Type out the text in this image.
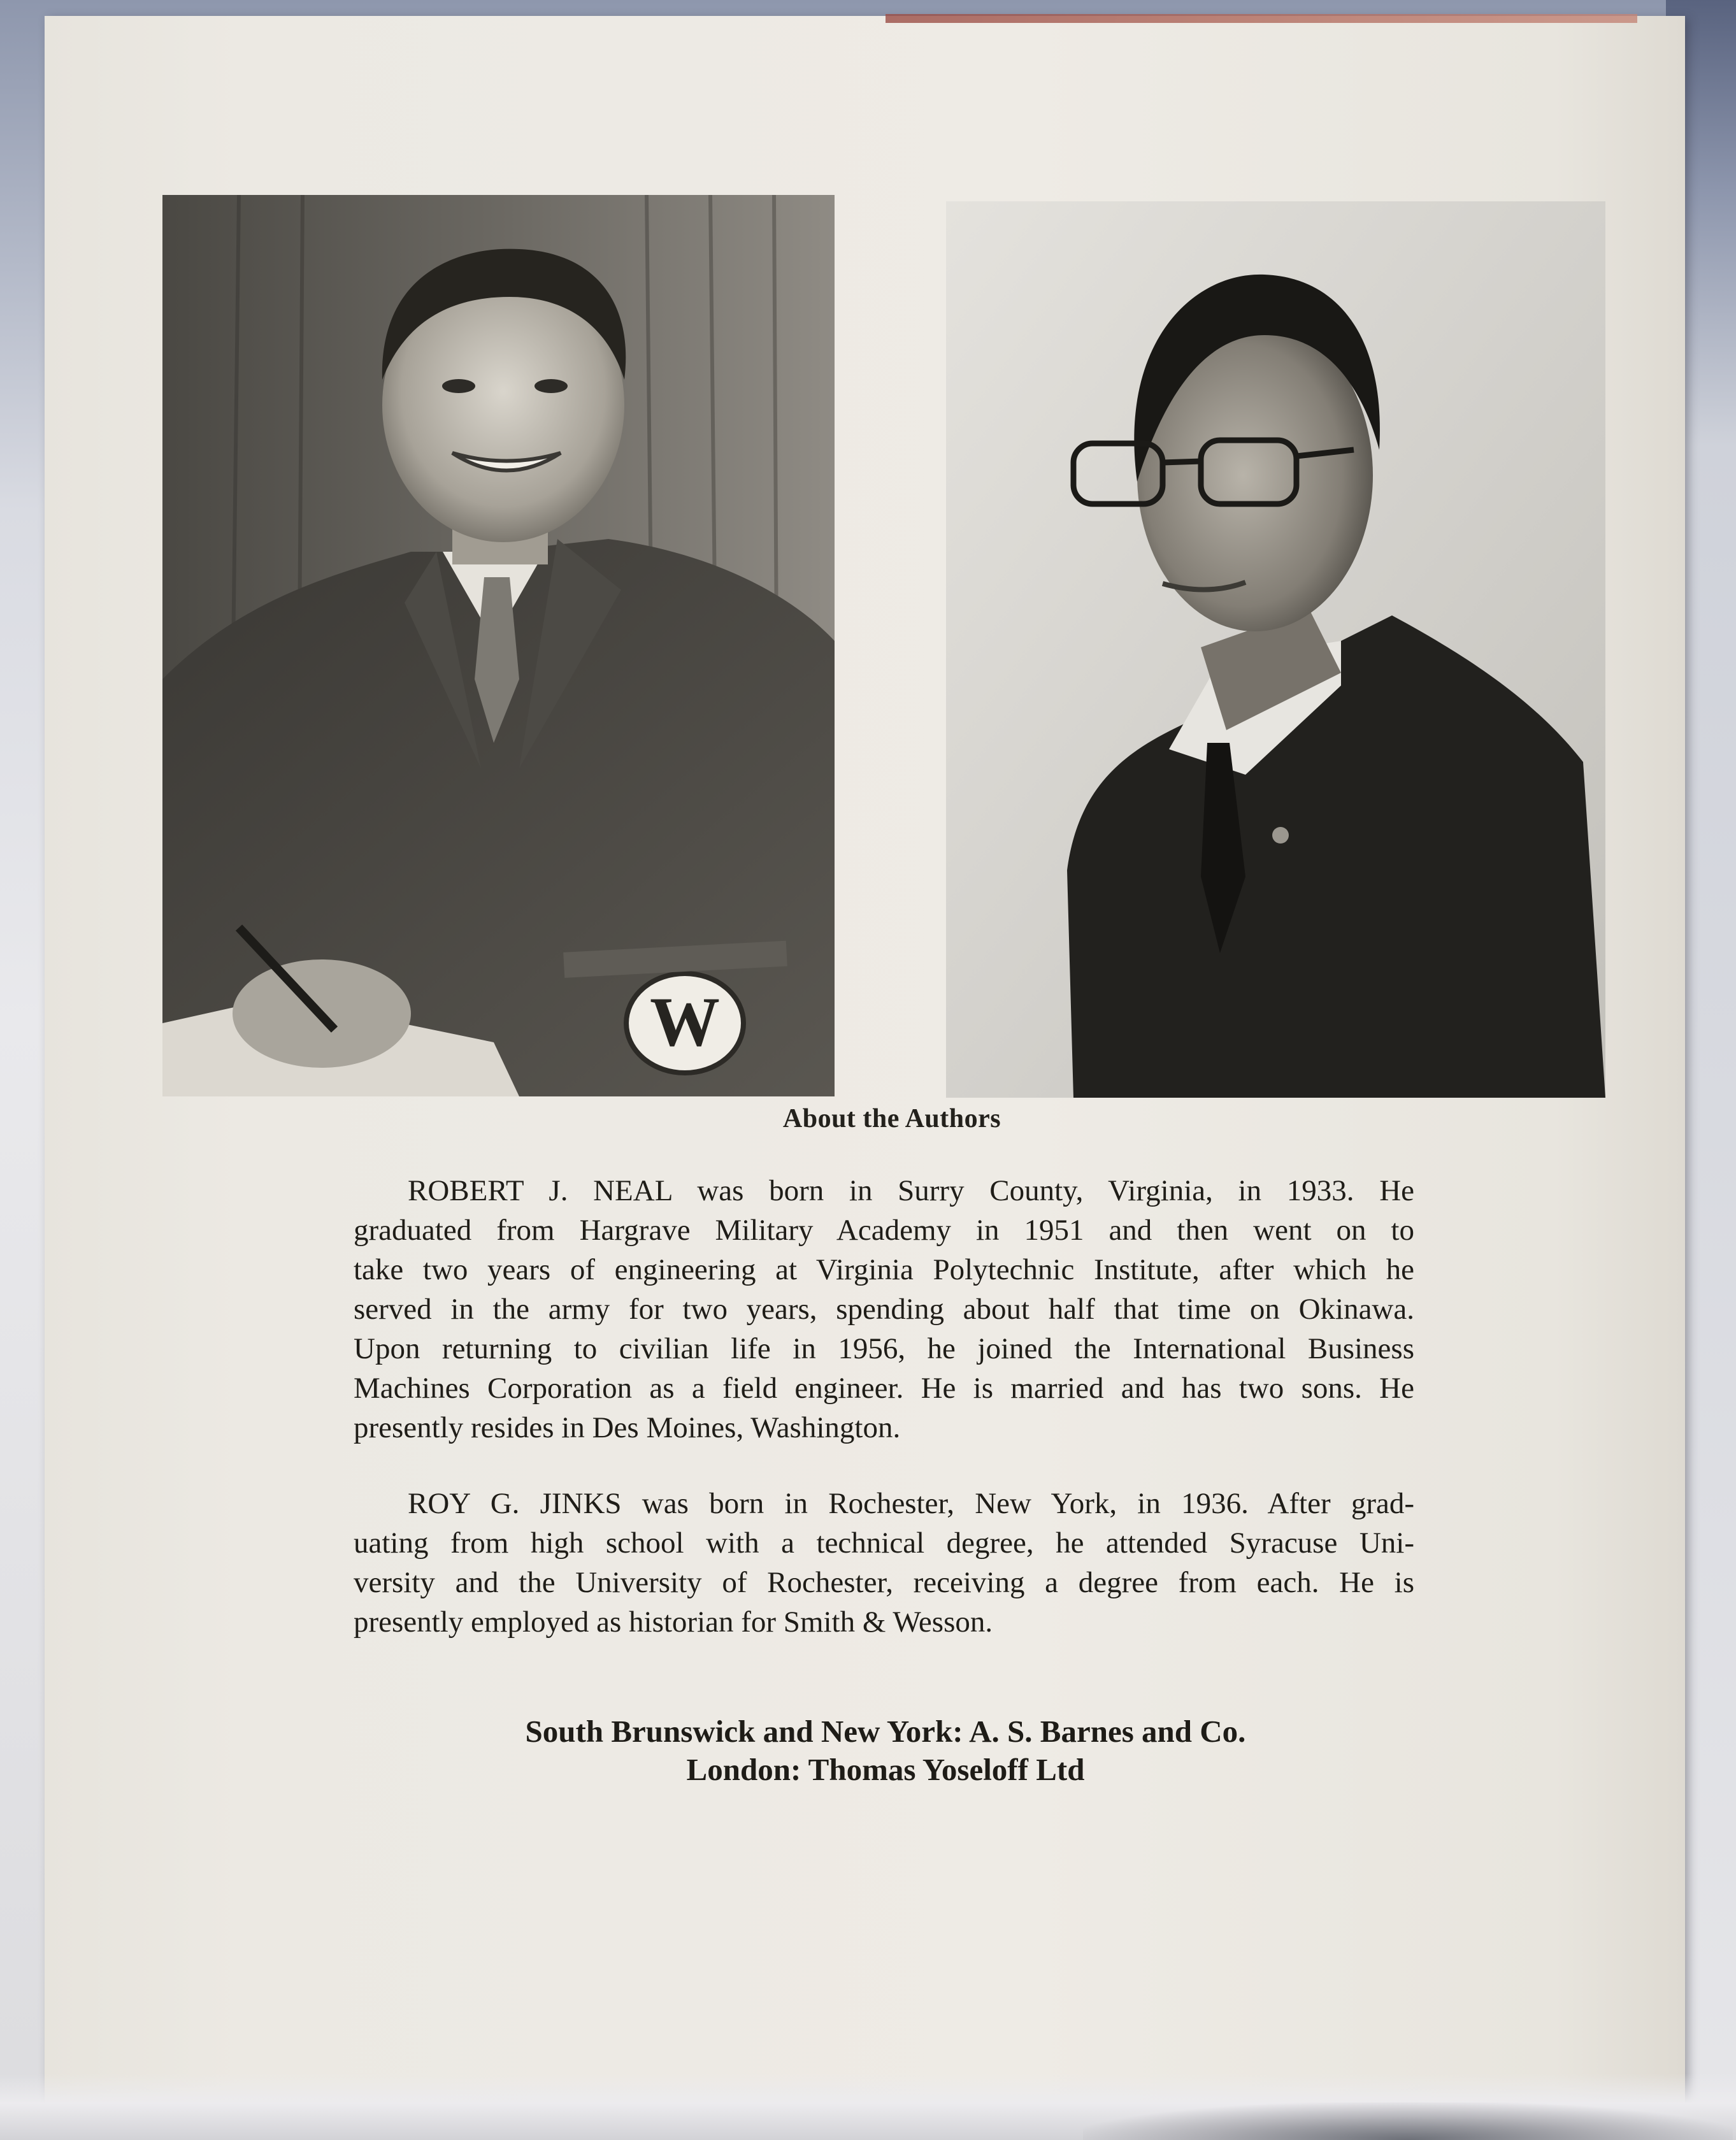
W
About the Authors

ROBERT J. NEAL was born in Surry County, Virginia, in 1933. He
graduated from Hargrave Military Academy in 1951 and then went on to
take two years of engineering at Virginia Polytechnic Institute, after which he
served in the army for two years, spending about half that time on Okinawa.
Upon returning to civilian life in 1956, he joined the International Business
Machines Corporation as a field engineer. He is married and has two sons. He
presently resides in Des Moines, Washington.

ROY G. JINKS was born in Rochester, New York, in 1936. After grad-
uating from high school with a technical degree, he attended Syracuse Uni-
versity and the University of Rochester, receiving a degree from each. He is
presently employed as historian for Smith & Wesson.

South Brunswick and New York: A. S. Barnes and Co.
London: Thomas Yoseloff Ltd
